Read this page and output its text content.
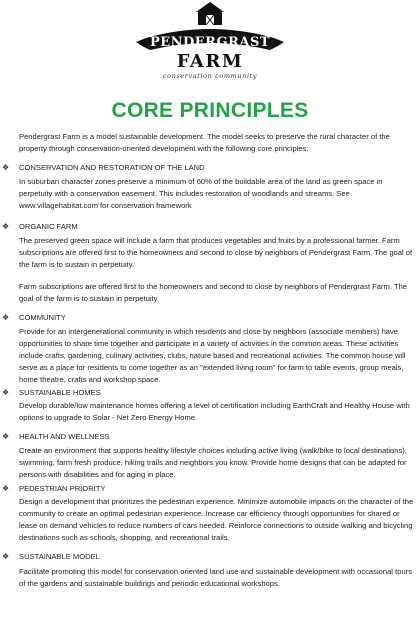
PENDERGRAST
FARM
conservation community
CORE PRINCIPLES

Pendergrast Farm is a model sustainable development. The model seeks to preserve the rural character of the property through conservation-oriented development with the following core principles:

❖ CONSERVATION AND RESTORATION OF THE LAND

In suburban character zones preserve a minimum of 60% of the buildable area of the land as green space in perpetuity with a conservation easement. This includes restoration of woodlands and streams. See www.villagehabitat.com for conservation framework

❖ ORGANIC FARM

The preserved green space will include a farm that produces vegetables and fruits by a professional farmer. Farm subscriptions are offered first to the homeowners and second to close by neighbors of Pendergrast Farm. The goal of the farm is to sustain in perpetuity.

Farm subscriptions are offered first to the homeowners and second to close by neighbors of Pendergrast Farm. The goal of the farm is to sustain in perpetuity.

❖ COMMUNITY

Provide for an intergenerational community in which residents and close by neighbors (associate members) have opportunities to share time together and participate in a variety of activities in the common areas. These activities include crafts, gardening, culinary activities, clubs, nature based and recreational activities. The common house will serve as a place for residents to come together as an "extended living room" for farm to table events, group meals, home theatre, crafts and workshop space.

❖ SUSTAINABLE HOMES

Develop durable/low maintenance homes offering a level of certification including EarthCraft and Healthy House with options to upgrade to Solar - Net Zero Energy Home.

❖ HEALTH AND WELLNESS

Create an environment that supports healthy lifestyle choices including active living (walk/bike to local destinations), swimming, farm fresh produce, hiking trails and neighbors you know. Provide home designs that can be adapted for persons with disabilities and for aging in place.

❖ PEDESTRIAN PRIORITY

Design a development that prioritizes the pedestrian experience. Minimize automobile impacts on the character of the community to create an optimal pedestrian experience. Increase car efficiency through opportunities for shared or lease on demand vehicles to reduce numbers of cars needed. Reinforce connections to outside walking and bicycling destinations such as schools, shopping, and recreational trails.

❖ SUSTAINABLE MODEL

Facilitate promoting this model for conservation oriented land use and sustainable development with occasional tours of the gardens and sustainable buildings and periodic educational workshops.
